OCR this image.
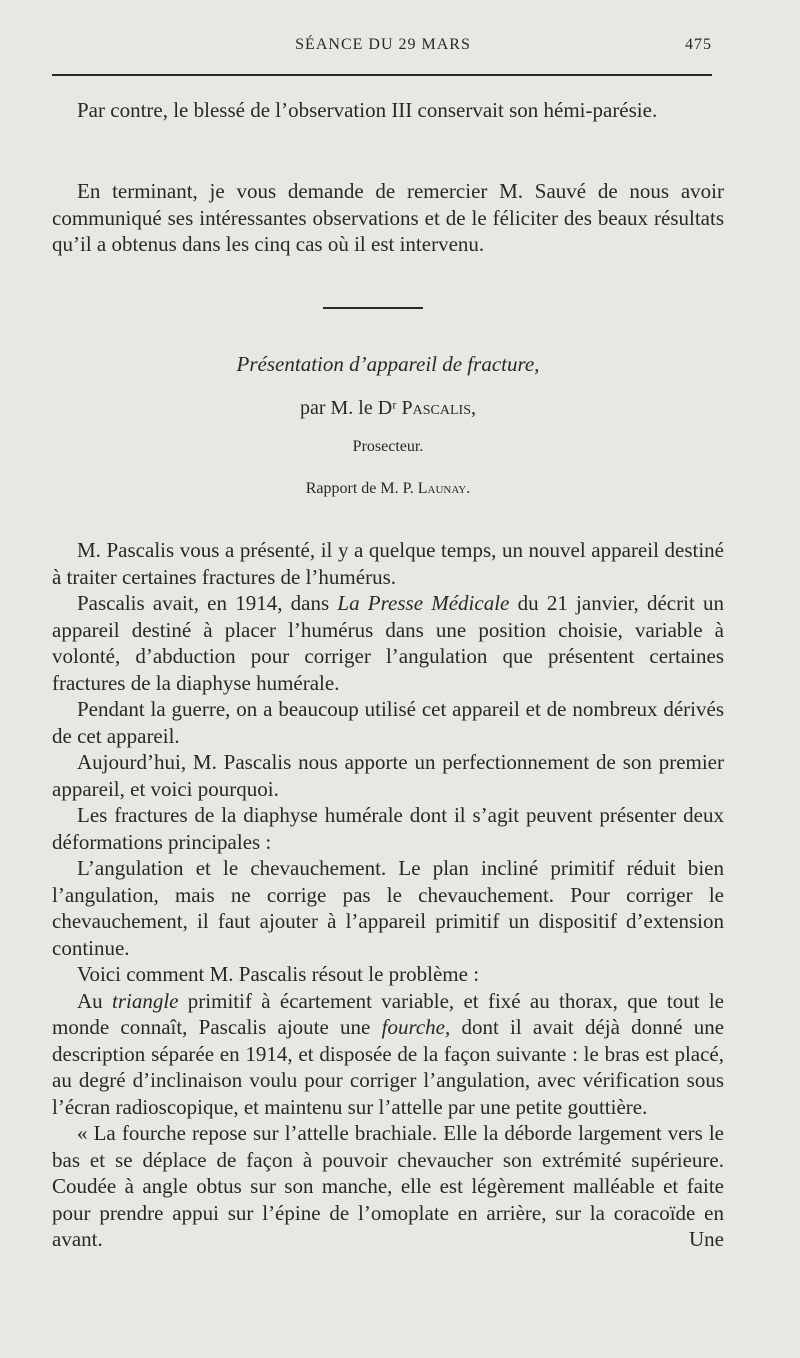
SÉANCE DU 29 MARS	475

Par contre, le blessé de l’observation III conservait son hémi-parésie.

En terminant, je vous demande de remercier M. Sauvé de nous avoir communiqué ses intéressantes observations et de le féliciter des beaux résultats qu’il a obtenus dans les cinq cas où il est intervenu.

Présentation d’appareil de fracture,
par M. le Dʳ Pascalis,
Prosecteur.
Rapport de M. P. Launay.

M. Pascalis vous a présenté, il y a quelque temps, un nouvel appareil destiné à traiter certaines fractures de l’humérus.

Pascalis avait, en 1914, dans La Presse Médicale du 21 janvier, décrit un appareil destiné à placer l’humérus dans une position choisie, variable à volonté, d’abduction pour corriger l’angulation que présentent certaines fractures de la diaphyse humérale.

Pendant la guerre, on a beaucoup utilisé cet appareil et de nombreux dérivés de cet appareil.

Aujourd’hui, M. Pascalis nous apporte un perfectionnement de son premier appareil, et voici pourquoi.

Les fractures de la diaphyse humérale dont il s’agit peuvent présenter deux déformations principales :

L’angulation et le chevauchement. Le plan incliné primitif réduit bien l’angulation, mais ne corrige pas le chevauchement. Pour corriger le chevauchement, il faut ajouter à l’appareil primitif un dispositif d’extension continue.

Voici comment M. Pascalis résout le problème :

Au triangle primitif à écartement variable, et fixé au thorax, que tout le monde connaît, Pascalis ajoute une fourche, dont il avait déjà donné une description séparée en 1914, et disposée de la façon suivante : le bras est placé, au degré d’inclinaison voulu pour corriger l’angulation, avec vérification sous l’écran radioscopique, et maintenu sur l’attelle par une petite gouttière.

« La fourche repose sur l’attelle brachiale. Elle la déborde largement vers le bas et se déplace de façon à pouvoir chevaucher son extrémité supérieure. Coudée à angle obtus sur son manche, elle est légèrement malléable et faite pour prendre appui sur l’épine de l’omoplate en arrière, sur la coracoïde en avant. Une
